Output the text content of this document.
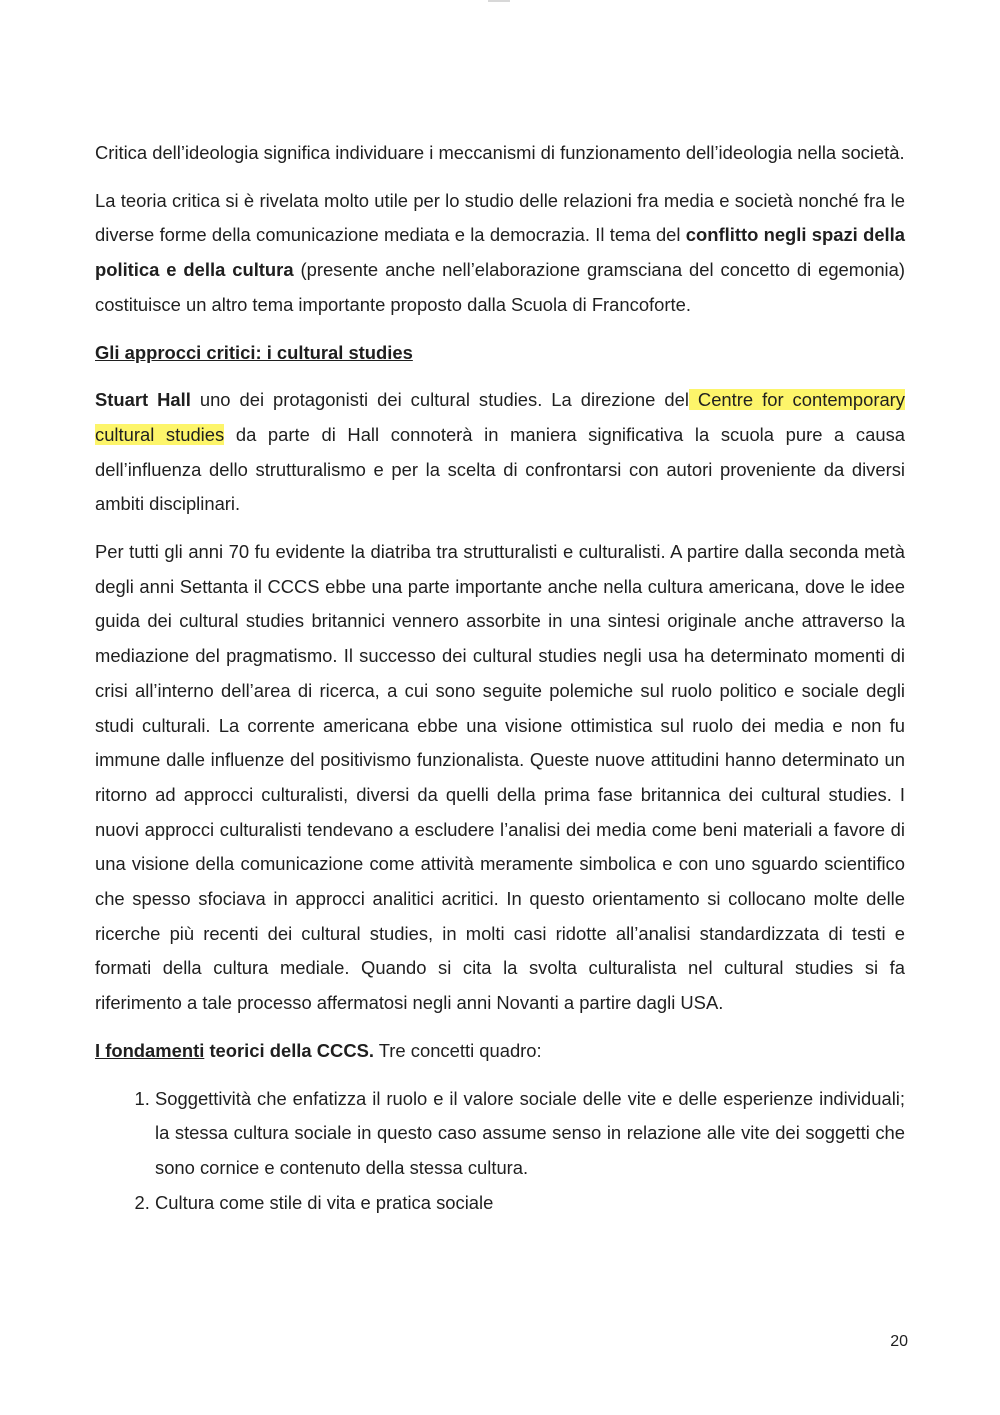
Critica dell’ideologia significa individuare i meccanismi di funzionamento dell’ideologia nella società.

La teoria critica si è rivelata molto utile per lo studio delle relazioni fra media e società nonché fra le diverse forme della comunicazione mediata e la democrazia. Il tema del conflitto negli spazi della politica e della cultura (presente anche nell’elaborazione gramsciana del concetto di egemonia) costituisce un altro tema importante proposto dalla Scuola di Francoforte.

Gli approcci critici: i cultural studies

Stuart Hall uno dei protagonisti dei cultural studies. La direzione del Centre for contemporary cultural studies da parte di Hall connoterà in maniera significativa la scuola pure a causa dell’influenza dello strutturalismo e per la scelta di confrontarsi con autori proveniente da diversi ambiti disciplinari.

Per tutti gli anni 70 fu evidente la diatriba tra strutturalisti e culturalisti. A partire dalla seconda metà degli anni Settanta il CCCS ebbe una parte importante anche nella cultura americana, dove le idee guida dei cultural studies britannici vennero assorbite in una sintesi originale anche attraverso la mediazione del pragmatismo. Il successo dei cultural studies negli usa ha determinato momenti di crisi all’interno dell’area di ricerca, a cui sono seguite polemiche sul ruolo politico e sociale degli studi culturali. La corrente americana ebbe una visione ottimistica sul ruolo dei media e non fu immune dalle influenze del positivismo funzionalista. Queste nuove attitudini hanno determinato un ritorno ad approcci culturalisti, diversi da quelli della prima fase britannica dei cultural studies. I nuovi approcci culturalisti tendevano a escludere l’analisi dei media come beni materiali a favore di una visione della comunicazione come attività meramente simbolica e con uno sguardo scientifico che spesso sfociava in approcci analitici acritici. In questo orientamento si collocano molte delle ricerche più recenti dei cultural studies, in molti casi ridotte all’analisi standardizzata di testi e formati della cultura mediale. Quando si cita la svolta culturalista nel cultural studies si fa riferimento a tale processo affermatosi negli anni Novanti a partire dagli USA.

I fondamenti teorici della CCCS. Tre concetti quadro:
1. Soggettività che enfatizza il ruolo e il valore sociale delle vite e delle esperienze individuali; la stessa cultura sociale in questo caso assume senso in relazione alle vite dei soggetti che sono cornice e contenuto della stessa cultura.
2. Cultura come stile di vita e pratica sociale
20
